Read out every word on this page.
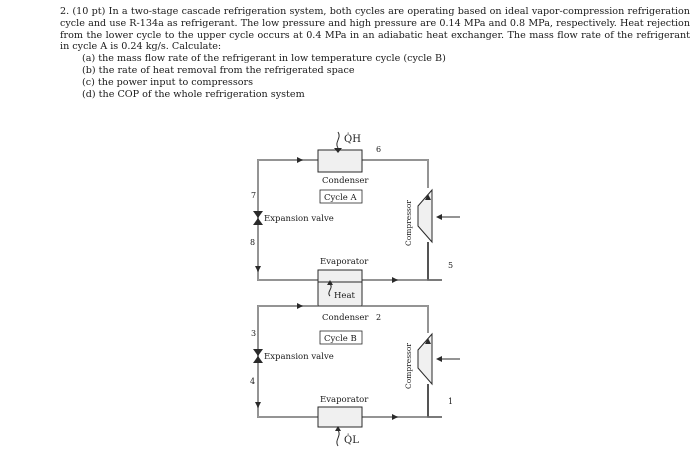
2. (10 pt) In a two-stage cascade refrigeration system, both cycles are operating based on ideal vapor-compression refrigeration cycle and use R-134a as refrigerant. The low pressure and high pressure are 0.14 MPa and 0.8 MPa, respectively. Heat rejection from the lower cycle to the upper cycle occurs at 0.4 MPa in an adiabatic heat exchanger. The mass flow rate of the refrigerant in cycle A is 0.24 kg/s. Calculate:

(a) the mass flow rate of the refrigerant in low temperature cycle (cycle B)
(b) the rate of heat removal from the refrigerated space
(c) the power input to compressors
(d) the COP of the whole refrigeration system
Q̇H
6
7
8
5
Condenser
Cycle A
Expansion valve	Compressor
Evaporator
Heat
2
3
4
1
Condenser
Cycle B
Expansion valve	Compressor
Evaporator
Q̇L
